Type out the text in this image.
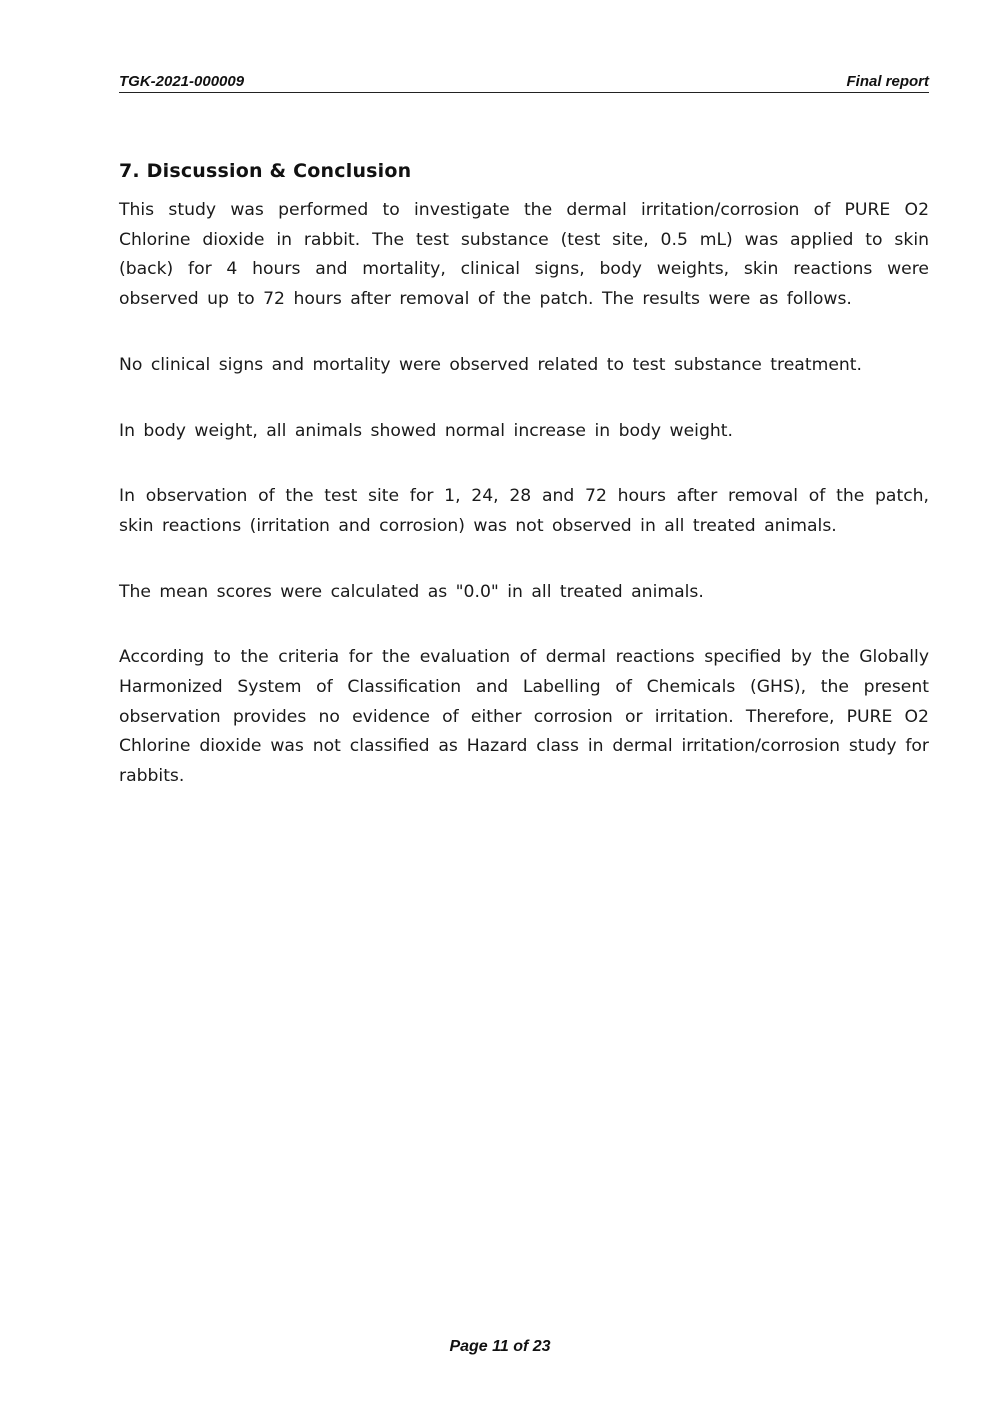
TGK-2021-000009	Final report
7. Discussion & Conclusion

This study was performed to investigate the dermal irritation/corrosion of PURE O2 Chlorine dioxide in rabbit. The test substance (test site, 0.5 mL) was applied to skin (back) for 4 hours and mortality, clinical signs, body weights, skin reactions were observed up to 72 hours after removal of the patch. The results were as follows.

No clinical signs and mortality were observed related to test substance treatment.

In body weight, all animals showed normal increase in body weight.

In observation of the test site for 1, 24, 28 and 72 hours after removal of the patch, skin reactions (irritation and corrosion) was not observed in all treated animals.

The mean scores were calculated as "0.0" in all treated animals.

According to the criteria for the evaluation of dermal reactions specified by the Globally Harmonized System of Classification and Labelling of Chemicals (GHS), the present observation provides no evidence of either corrosion or irritation. Therefore, PURE O2 Chlorine dioxide was not classified as Hazard class in dermal irritation/corrosion study for rabbits.

Page 11 of 23
